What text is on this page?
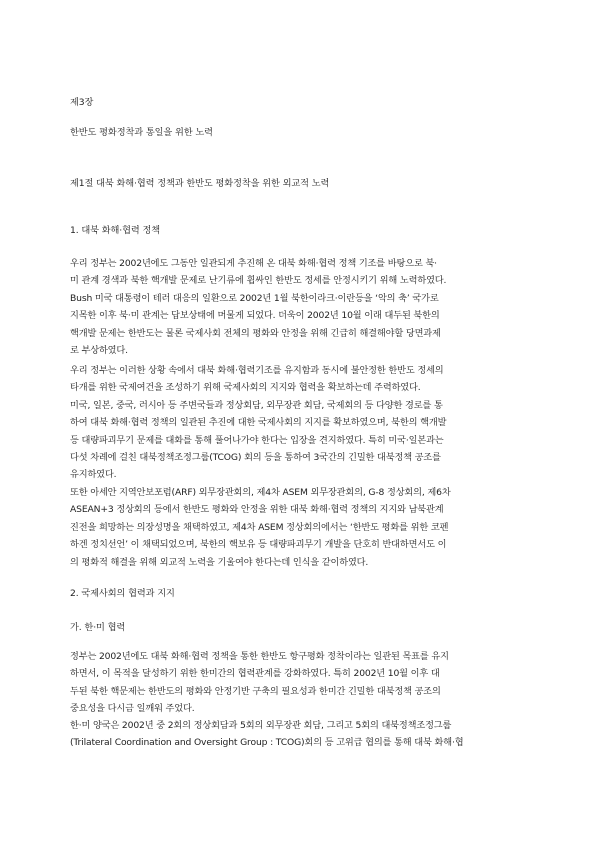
제3장
한반도 평화정착과 통일을 위한 노력
제1절 대북 화해·협력 정책과 한반도 평화정착을 위한 외교적 노력
1. 대북 화해·협력 정책

우리 정부는 2002년에도 그동안 일관되게 추진해 온 대북 화해·협력 정책 기조를 바탕으로 북·

미 관계 경색과 북한 핵개발 문제로 난기류에 휩싸인 한반도 정세를 안정시키기 위해 노력하였다.

Bush 미국 대통령이 테러 대응의 일환으로 2002년 1월 북한이라크·이란등을 ‘악의 축’ 국가로

지목한 이후 북·미 관계는 답보상태에 머물게 되었다. 더욱이 2002년 10월 이래 대두된 북한의

핵개발 문제는 한반도는 물론 국제사회 전체의 평화와 안정을 위해 긴급히 해결해야할 당면과제

로 부상하였다.

우리 정부는 이러한 상황 속에서 대북 화해·협력기조를 유지함과 동시에 불안정한 한반도 정세의

타개를 위한 국제여건을 조성하기 위해 국제사회의 지지와 협력을 확보하는데 주력하였다.

미국, 일본, 중국, 러시아 등 주변국들과 정상회담, 외무장관 회담, 국제회의 등 다양한 경로를 통

하여 대북 화해·협력 정책의 일관된 추진에 대한 국제사회의 지지를 확보하였으며, 북한의 핵개발

등 대량파괴무기 문제를 대화를 통해 풀어나가야 한다는 입장을 견지하였다. 특히 미국·일본과는

다섯 차례에 걸친 대북정책조정그룹(TCOG) 회의 등을 통하여 3국간의 긴밀한 대북정책 공조를

유지하였다.

또한 아세안 지역안보포럼(ARF) 외무장관회의, 제4차 ASEM 외무장관회의, G-8 정상회의, 제6차

ASEAN+3 정상회의 등에서 한반도 평화와 안정을 위한 대북 화해·협력 정책의 지지와 남북관계

진전을 희망하는 의장성명을 채택하였고, 제4차 ASEM 정상회의에서는 ‘한반도 평화를 위한 코펜

하겐 정치선언’ 이 채택되었으며, 북한의 핵보유 등 대량파괴무기 개발을 단호히 반대하면서도 이

의 평화적 해결을 위해 외교적 노력을 기울여야 한다는데 인식을 같이하였다.

2. 국제사회의 협력과 지지
가. 한·미 협력

정부는 2002년에도 대북 화해·협력 정책을 통한 한반도 항구평화 정착이라는 일관된 목표를 유지

하면서, 이 목적을 달성하기 위한 한미간의 협력관계를 강화하였다. 특히 2002년 10월 이후 대

두된 북한 핵문제는 한반도의 평화와 안정기반 구축의 필요성과 한미간 긴밀한 대북정책 공조의

중요성을 다시금 일깨워 주었다.

한·미 양국은 2002년 중 2회의 정상회담과 5회의 외무장관 회담, 그리고 5회의 대북정책조정그룹

(Trilateral Coordination and Oversight Group : TCOG)회의 등 고위급 협의를 통해 대북 화해·협
